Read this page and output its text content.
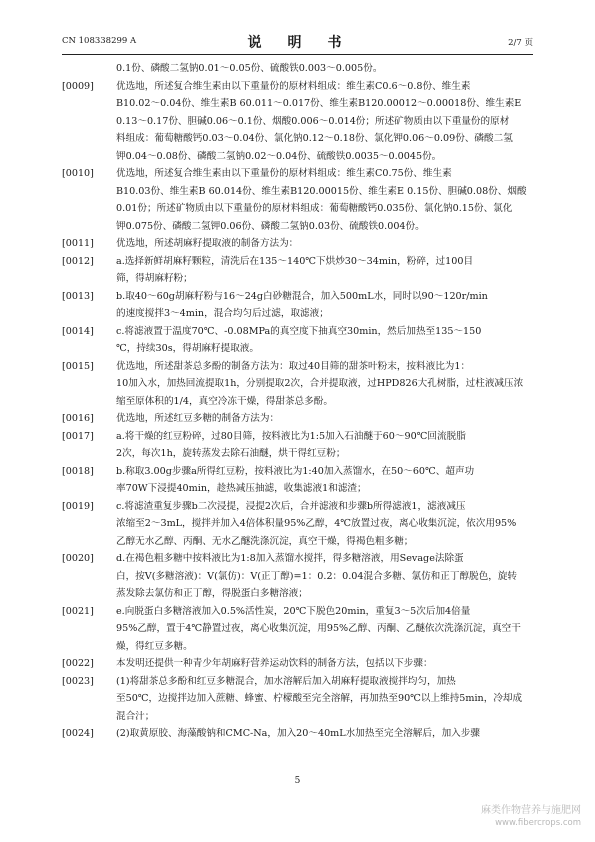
CN 108338299 A	说　明　书	2/7 页
0.1份、磷酸二氢钠0.01～0.05份、硫酸铁0.003～0.005份。
[0009] 优选地，所述复合维生素由以下重量份的原材料组成：维生素C0.6～0.8份、维生素
B10.02～0.04份、维生素B 60.011～0.017份、维生素B120.00012～0.00018份、维生素E
0.13～0.17份、胆碱0.06～0.1份、烟酸0.006～0.014份；所述矿物质由以下重量份的原材
料组成：葡萄糖酸钙0.03～0.04份、氯化钠0.12～0.18份、氯化钾0.06～0.09份、磷酸二氢
钾0.04～0.08份、磷酸二氢钠0.02～0.04份、硫酸铁0.0035～0.0045份。
[0010] 优选地，所述复合维生素由以下重量份的原材料组成：维生素C0.75份、维生素
B10.03份、维生素B 60.014份、维生素B120.00015份、维生素E 0.15份、胆碱0.08份、烟酸
0.01份；所述矿物质由以下重量份的原材料组成：葡萄糖酸钙0.035份、氯化钠0.15份、氯化
钾0.075份、磷酸二氢钾0.06份、磷酸二氢钠0.03份、硫酸铁0.004份。
[0011] 优选地，所述胡麻籽提取液的制备方法为：
[0012] a.选择新鲜胡麻籽颗粒，清洗后在135～140℃下烘炒30～34min，粉碎，过100目
筛，得胡麻籽粉；
[0013] b.取40～60g胡麻籽粉与16～24g白砂糖混合，加入500mL水，同时以90～120r/min
的速度搅拌3～4min，混合均匀后过滤，取滤液；
[0014] c.将滤液置于温度70℃、-0.08MPa的真空度下抽真空30min，然后加热至135～150
℃，持续30s，得胡麻籽提取液。
[0015] 优选地，所述甜茶总多酚的制备方法为：取过40目筛的甜茶叶粉末，按料液比为1：
10加入水，加热回流提取1h，分别提取2次，合并提取液，过HPD826大孔树脂，过柱液减压浓
缩至原体积的1/4，真空冷冻干燥，得甜茶总多酚。
[0016] 优选地，所述红豆多糖的制备方法为：
[0017] a.将干燥的红豆粉碎，过80目筛，按料液比为1:5加入石油醚于60～90℃回流脱脂
2次，每次1h，旋转蒸发去除石油醚，烘干得红豆粉；
[0018] b.称取3.00g步骤a所得红豆粉，按料液比为1:40加入蒸馏水，在50～60℃、超声功
率70W下浸提40min，趁热减压抽滤，收集滤液1和滤渣；
[0019] c.将滤渣重复步骤b二次浸提，浸提2次后，合并滤液和步骤b所得滤液1，滤液减压
浓缩至2～3mL，搅拌并加入4倍体积量95%乙醇，4℃放置过夜，离心收集沉淀，依次用95%
乙醇无水乙醇、丙酮、无水乙醚洗涤沉淀，真空干燥，得褐色粗多糖；
[0020] d.在褐色粗多糖中按料液比为1:8加入蒸馏水搅拌，得多糖溶液，用Sevage法除蛋
白，按V(多糖溶液)：V(氯仿)：V(正丁醇)=1：0.2：0.04混合多糖、氯仿和正丁醇脱色，旋转
蒸发除去氯仿和正丁醇，得脱蛋白多糖溶液；
[0021] e.向脱蛋白多糖溶液加入0.5%活性炭，20℃下脱色20min，重复3～5次后加4倍量
95%乙醇，置于4℃静置过夜，离心收集沉淀，用95%乙醇、丙酮、乙醚依次洗涤沉淀，真空干
燥，得红豆多糖。
[0022] 本发明还提供一种青少年胡麻籽营养运动饮料的制备方法，包括以下步骤：
[0023] (1)将甜茶总多酚和红豆多糖混合，加水溶解后加入胡麻籽提取液搅拌均匀，加热
至50℃，边搅拌边加入蔗糖、蜂蜜、柠檬酸至完全溶解，再加热至90℃以上维持5min，冷却成
混合汁；
[0024] (2)取黄原胶、海藻酸钠和CMC-Na，加入20～40mL水加热至完全溶解后，加入步骤
5
麻类作物营养与施肥网
www.fibercrops.com
